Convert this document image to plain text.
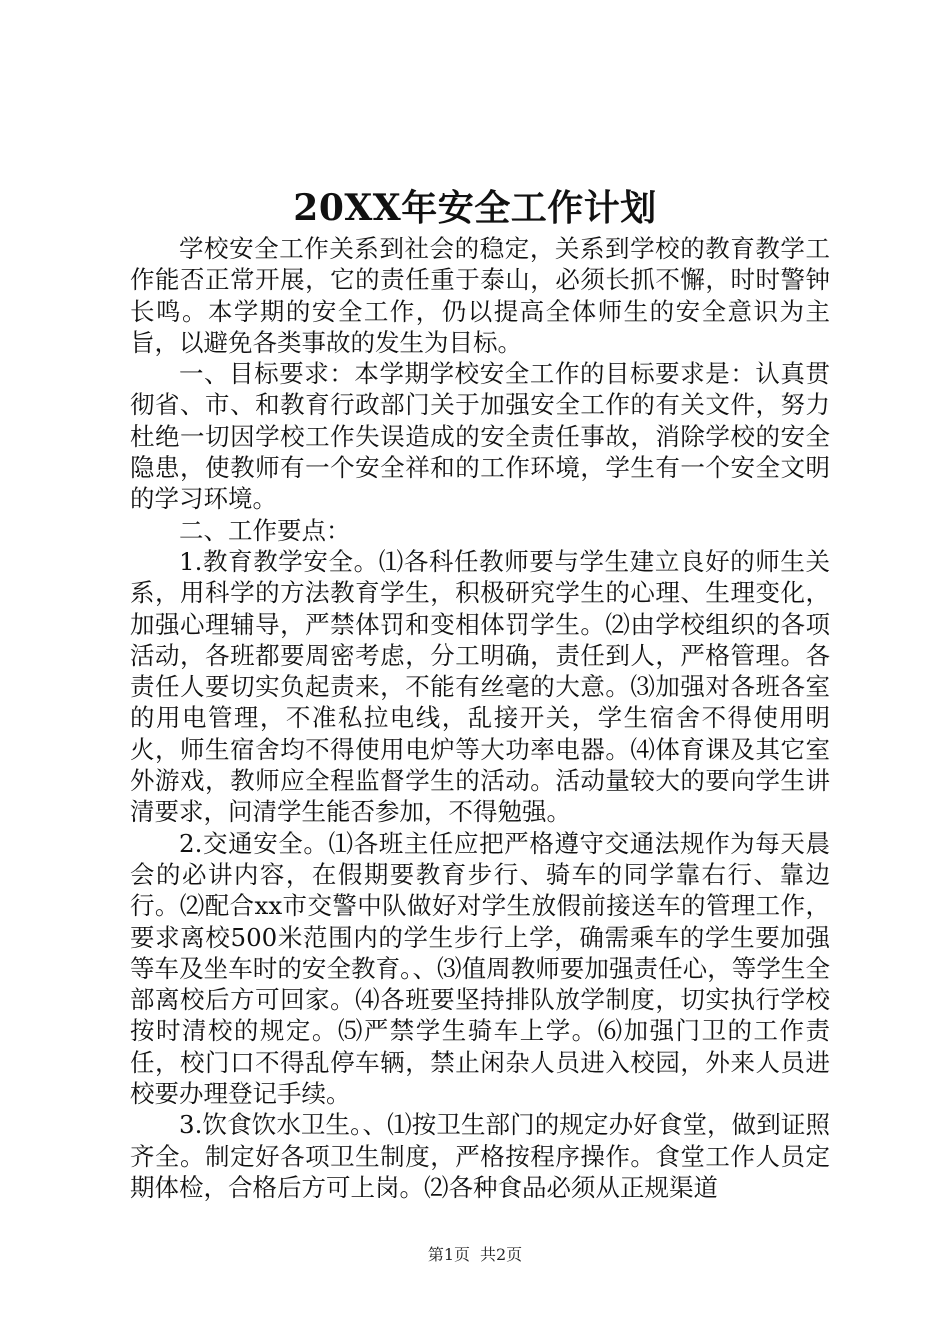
20XX年安全工作计划

学校安全工作关系到社会的稳定，关系到学校的教育教学工作能否正常开展，它的责任重于泰山，必须长抓不懈，时时警钟长鸣。本学期的安全工作，仍以提高全体师生的安全意识为主旨，以避免各类事故的发生为目标。

一、目标要求：本学期学校安全工作的目标要求是：认真贯彻省、市、和教育行政部门关于加强安全工作的有关文件，努力杜绝一切因学校工作失误造成的安全责任事故，消除学校的安全隐患，使教师有一个安全祥和的工作环境，学生有一个安全文明的学习环境。

二、工作要点：

1.教育教学安全。⑴各科任教师要与学生建立良好的师生关系，用科学的方法教育学生，积极研究学生的心理、生理变化，加强心理辅导，严禁体罚和变相体罚学生。⑵由学校组织的各项活动，各班都要周密考虑，分工明确，责任到人，严格管理。各责任人要切实负起责来，不能有丝毫的大意。⑶加强对各班各室的用电管理，不准私拉电线，乱接开关，学生宿舍不得使用明火，师生宿舍均不得使用电炉等大功率电器。⑷体育课及其它室外游戏，教师应全程监督学生的活动。活动量较大的要向学生讲清要求，问清学生能否参加，不得勉强。

2.交通安全。⑴各班主任应把严格遵守交通法规作为每天晨会的必讲内容，在假期要教育步行、骑车的同学靠右行、靠边行。⑵配合xx市交警中队做好对学生放假前接送车的管理工作，要求离校500米范围内的学生步行上学，确需乘车的学生要加强等车及坐车时的安全教育。、⑶值周教师要加强责任心，等学生全部离校后方可回家。⑷各班要坚持排队放学制度，切实执行学校按时清校的规定。⑸严禁学生骑车上学。⑹加强门卫的工作责任，校门口不得乱停车辆，禁止闲杂人员进入校园，外来人员进校要办理登记手续。

3.饮食饮水卫生。、⑴按卫生部门的规定办好食堂，做到证照齐全。制定好各项卫生制度，严格按程序操作。食堂工作人员定期体检，合格后方可上岗。⑵各种食品必须从正规渠道

第1页 共2页
